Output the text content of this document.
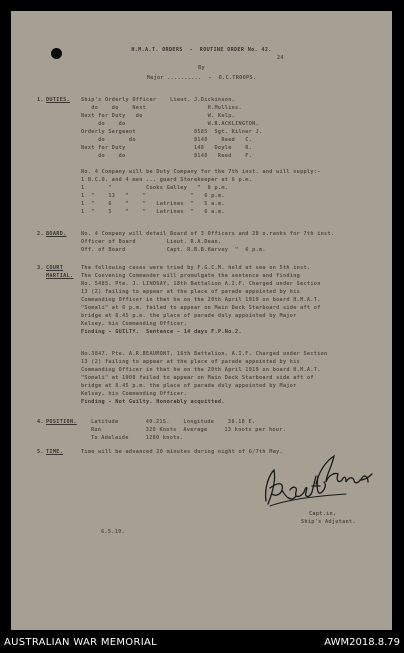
H.M.A.T. ORDERS  -  ROUTINE ORDER No. 42.
24
By
Major ..........  -  O.C.TROOPS.
1. DUTIES. Ship's Orderly Officer    Lieut. J.Dickinson.
do    do    Next                  H.Mullins.
Next for Duty   do                   W. Kelp.
do    do                        W.R.ACKLINGTON.
Orderly Sergeant                 8585  Sgt. Kilner J.
do       do                 8148    Reed   C.
Next for Duty                    148   Doyle    R.
do    do                    8148   Reed    F.
No. 4 Company will be Duty Company for the 7th inst. and will supply:-
1 N.C.O. and 4 men ... guard Storekeeper at 6 p.m.
1       "          Cooks Galley   "  8 p.m.
1  "    13   "    "             "   6 p.m.
1  "    6    "    "   Latrines  "   5 a.m.
1  "    5    "    "   Latrines  "   6 a.m.
2. BOARD.	No. 4 Company will detail Board of 3 Officers and 20 o.ranks for 7th inst.
Officer of Board         Lieut. R.A.Dean.
Off. of Board            Capt. R.B.B.Harvey  "  6 p.m.
3. COURT
MARTIAL.
The following cases were tried by F.G.C.M. held at sea on 5th inst.
The Convening Commander will promulgate the sentence and finding
No. 5485. Pte. J. LINDSAY, 18th Battalion A.I.F. Charged under Section
13 (2) failing to appear at the place of parade appointed by his
Commanding Officer in that he on the 20th April 1919 on board H.M.A.T.
"Somali" at 6 p.m. failed to appear on Main Deck Starboard side aft of
bridge at 8.45 p.m. the place of parade duly appointed by Major
Kelsey, his Commanding Officer.
Finding - GUILTY.  Sentence - 14 days F.P.No.2.
No.3847. Pte. A.R.BEAUMONT, 16th Battalion, A.I.F. Charged under Section
13 (2) failing to appear at the place of parade appointed by his
Commanding Officer in that he on the 20th April 1919 on board H.M.A.T.
"Somali" at 1900 failed to appear on Main Deck Starboard side aft of
bridge at 8.45 p.m. the place of parade duly appointed by Major
Kelsey, his Commanding Officer.
Finding - Not Guilty. Honorably acquitted.
4. POSITION.	Latitude        40.21S.    Longitude    38.18 E.
Run             320 Knots  Average     13 knots per hour.
To Adelaide     1280 knots.
5. TIME.	Time will be advanced 20 minutes during night of 6/7th May.
Capt.in,
Ship's Adjutant.
6.5.19.
AUSTRALIAN WAR MEMORIAL	AWM2018.8.79
